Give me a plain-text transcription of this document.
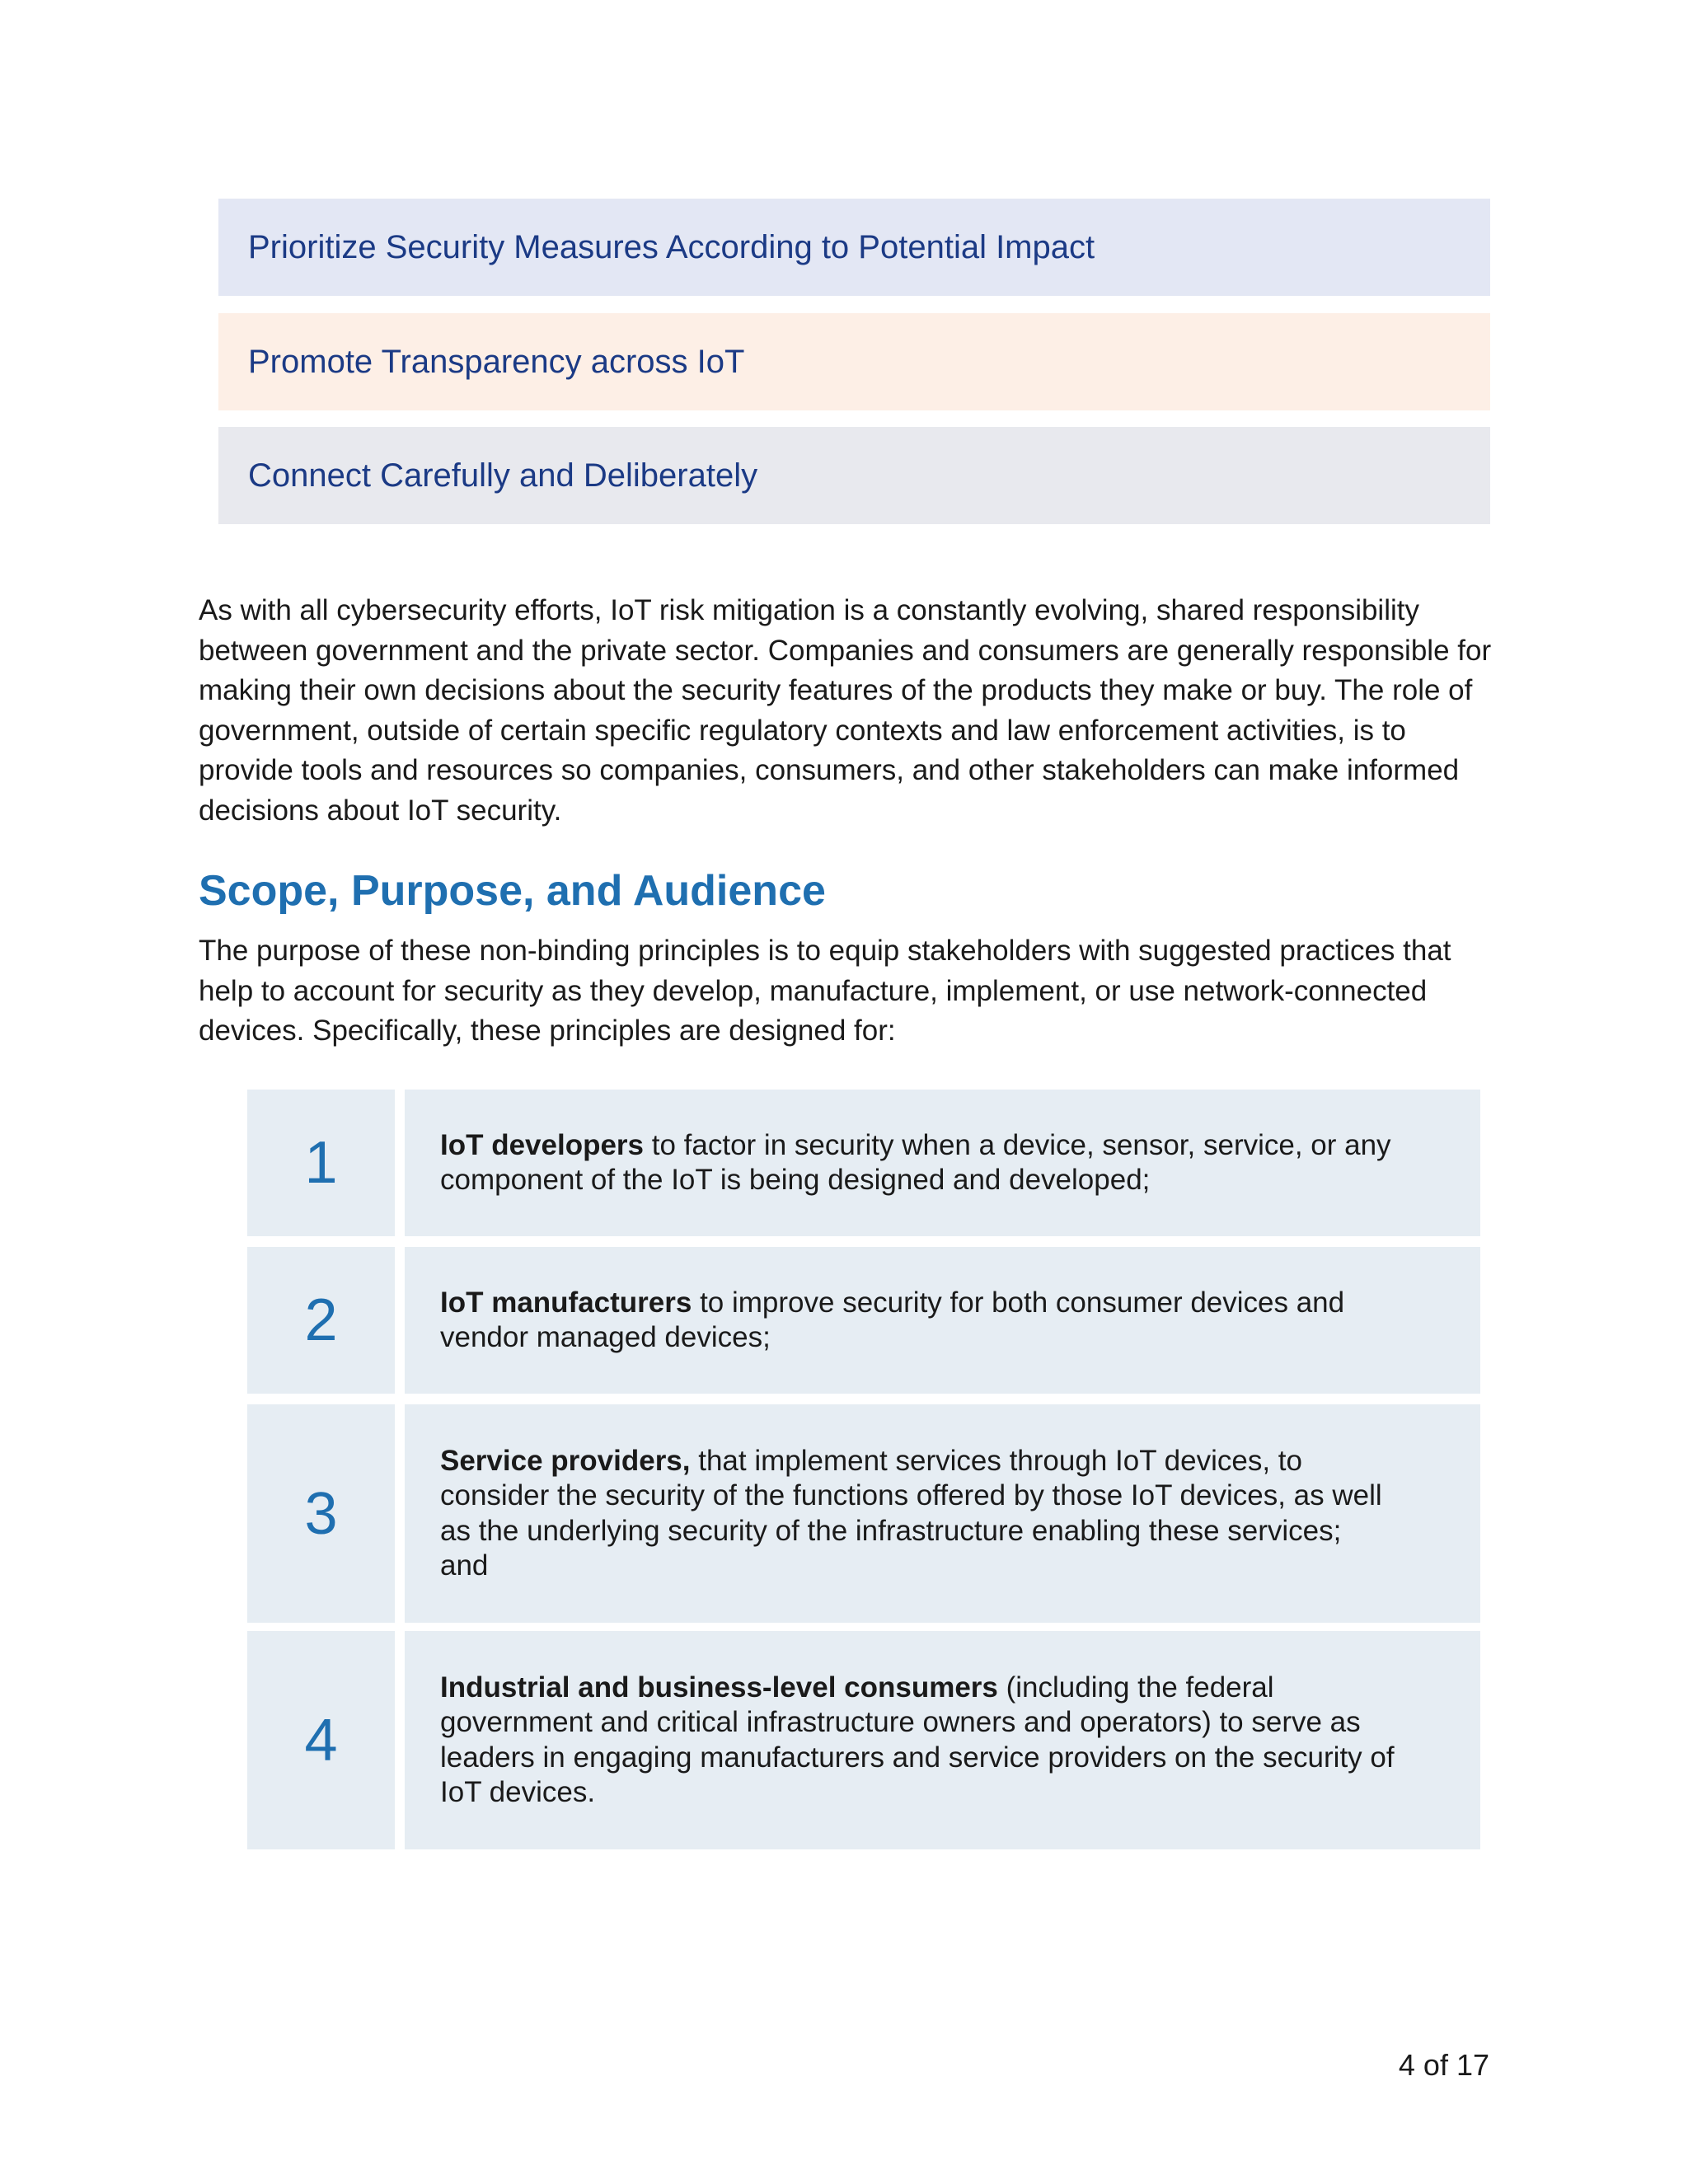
Prioritize Security Measures According to Potential Impact
Promote Transparency across IoT
Connect Carefully and Deliberately

As with all cybersecurity efforts, IoT risk mitigation is a constantly evolving, shared responsibility between government and the private sector. Companies and consumers are generally responsible for making their own decisions about the security features of the products they make or buy. The role of government, outside of certain specific regulatory contexts and law enforcement activities, is to provide tools and resources so companies, consumers, and other stakeholders can make informed decisions about IoT security.

Scope, Purpose, and Audience

The purpose of these non-binding principles is to equip stakeholders with suggested practices that help to account for security as they develop, manufacture, implement, or use network-connected devices. Specifically, these principles are designed for:

1	IoT developers to factor in security when a device, sensor, service, or any
component of the IoT is being designed and developed;
2	IoT manufacturers to improve security for both consumer devices and
vendor managed devices;
3
Service providers, that implement services through IoT devices, to
consider the security of the functions offered by those IoT devices, as well
as the underlying security of the infrastructure enabling these services;
and
4
Industrial and business-level consumers (including the federal
government and critical infrastructure owners and operators) to serve as
leaders in engaging manufacturers and service providers on the security of
IoT devices.
4 of 17
